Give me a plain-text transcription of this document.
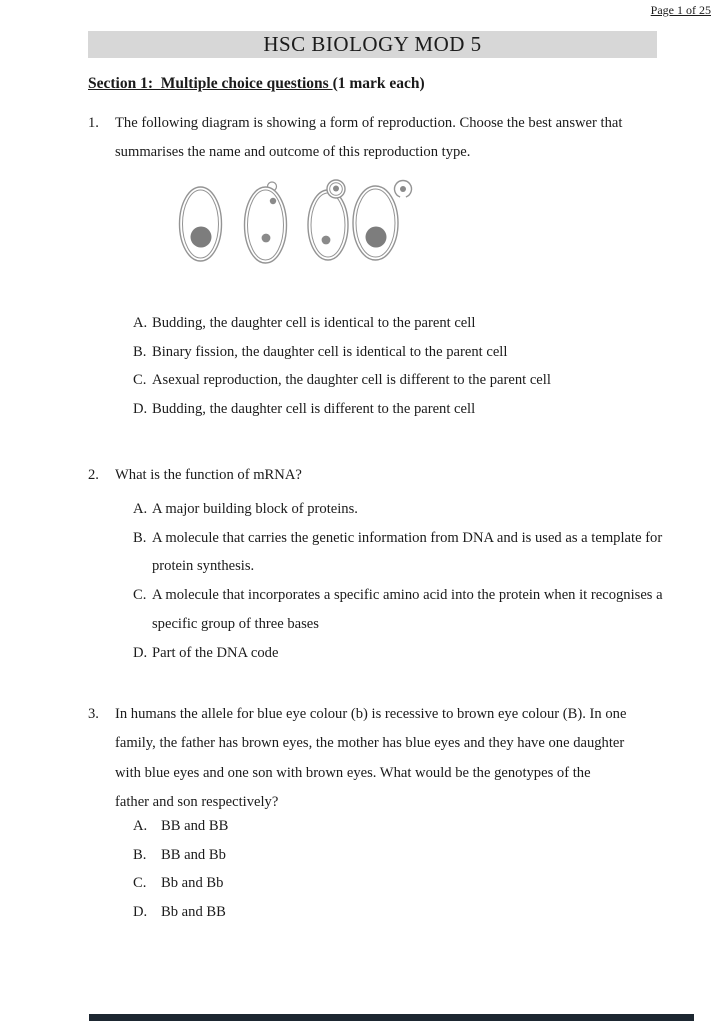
Page 1 of 25
HSC BIOLOGY MOD 5
Section 1:  Multiple choice questions (1 mark each)
1.	The following diagram is showing a form of reproduction. Choose the best answer that summarises the name and outcome of this reproduction type.
A. Budding, the daughter cell is identical to the parent cell
B. Binary fission, the daughter cell is identical to the parent cell
C. Asexual reproduction, the daughter cell is different to the parent cell
D. Budding, the daughter cell is different to the parent cell
2.	What is the function of mRNA?
A. A major building block of proteins.
B. A molecule that carries the genetic information from DNA and is used as a template for protein synthesis.
C. A molecule that incorporates a specific amino acid into the protein when it recognises a specific group of three bases
D. Part of the DNA code
3.	In humans the allele for blue eye colour (b) is recessive to brown eye colour (B). In one family, the father has brown eyes, the mother has blue eyes and they have one daughter with blue eyes and one son with brown eyes. What would be the genotypes of the father and son respectively?
A. BB and BB
B.	BB and Bb
C.	Bb and Bb
D. Bb and BB
